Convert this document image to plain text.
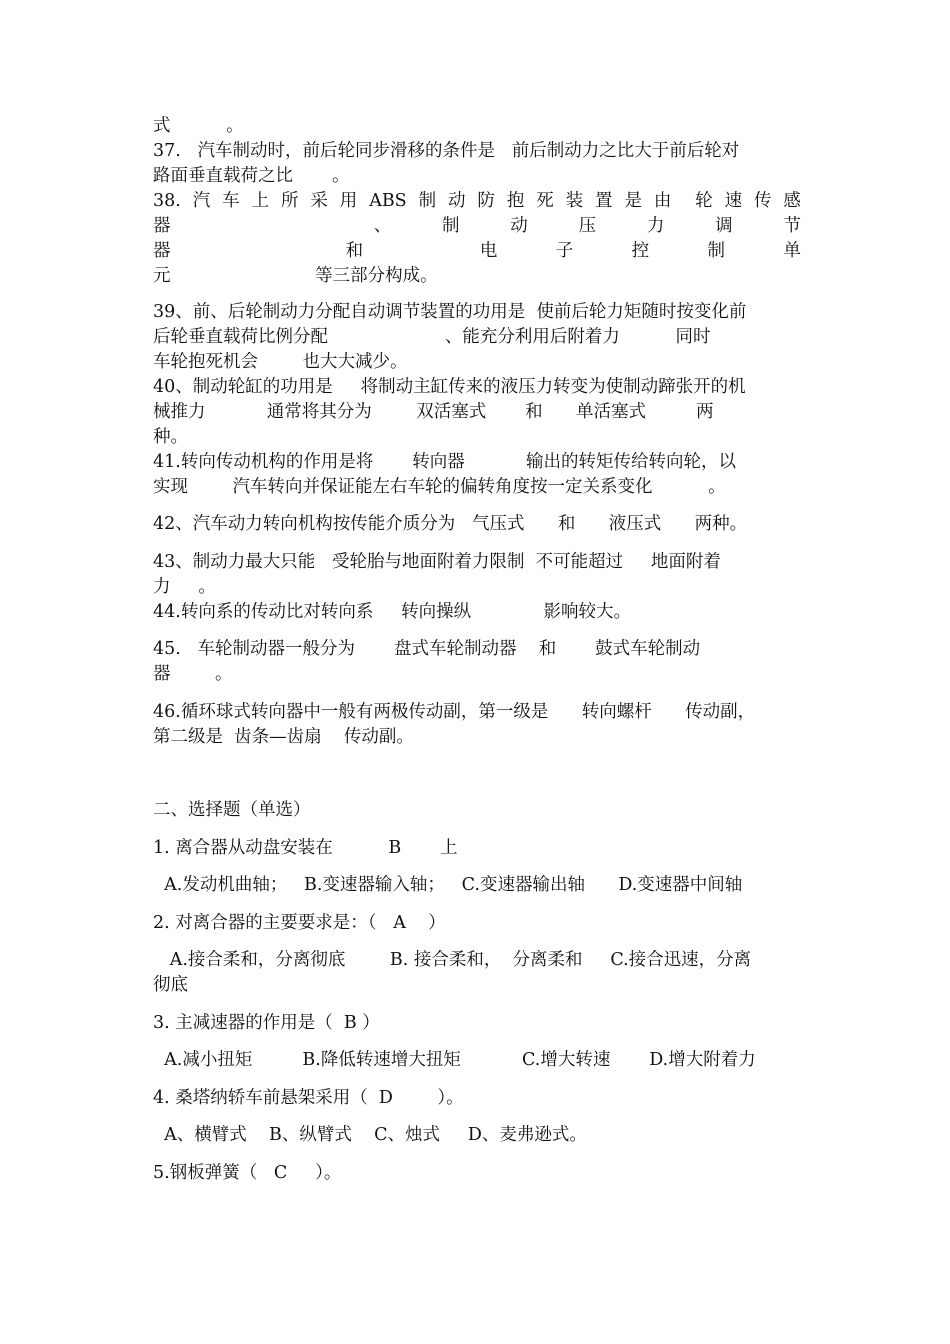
式          。
37.   汽车制动时，前后轮同步滑移的条件是   前后制动力之比大于前后轮对
路面垂直载荷之比       。
38. 汽 车 上 所 采 用 ABS 制 动 防 抱 死 装 置 是 由 轮 速 传 感
器	、	制	动	压	力	调	节
器	和	电	子	控	制	单
元                          等三部分构成。
39、前、后轮制动力分配自动调节装置的功用是  使前后轮力矩随时按变化前
后轮垂直载荷比例分配                     、能充分利用后附着力          同时
车轮抱死机会        也大大减少。
40、制动轮缸的功用是     将制动主缸传来的液压力转变为使制动蹄张开的机
械推力           通常将其分为        双活塞式       和      单活塞式         两
种。
41.转向传动机构的作用是将       转向器           输出的转矩传给转向轮，以
实现        汽车转向并保证能左右车轮的偏转角度按一定关系变化          。
42、汽车动力转向机构按传能介质分为   气压式      和      液压式      两种。
43、制动力最大只能   受轮胎与地面附着力限制  不可能超过     地面附着
力     。
44.转向系的传动比对转向系     转向操纵             影响较大。
45.   车轮制动器一般分为       盘式车轮制动器    和       鼓式车轮制动
器        。
46.循环球式转向器中一般有两极传动副，第一级是      转向螺杆      传动副，
第二级是  齿条—齿扇    传动副。
二、选择题（单选）
1. 离合器从动盘安装在          B       上
A.发动机曲轴；   B.变速器输入轴；   C.变速器输出轴      D.变速器中间轴
2. 对离合器的主要要求是：（   A    ）
A.接合柔和，分离彻底        B. 接合柔和，  分离柔和     C.接合迅速，分离
彻底
3. 主减速器的作用是（  B ）
A.减小扭矩         B.降低转速增大扭矩           C.增大转速       D.增大附着力
4. 桑塔纳轿车前悬架采用（  D        ）。
A、横臂式    B、纵臂式    C、烛式     D、麦弗逊式。
5.钢板弹簧（   C     ）。
